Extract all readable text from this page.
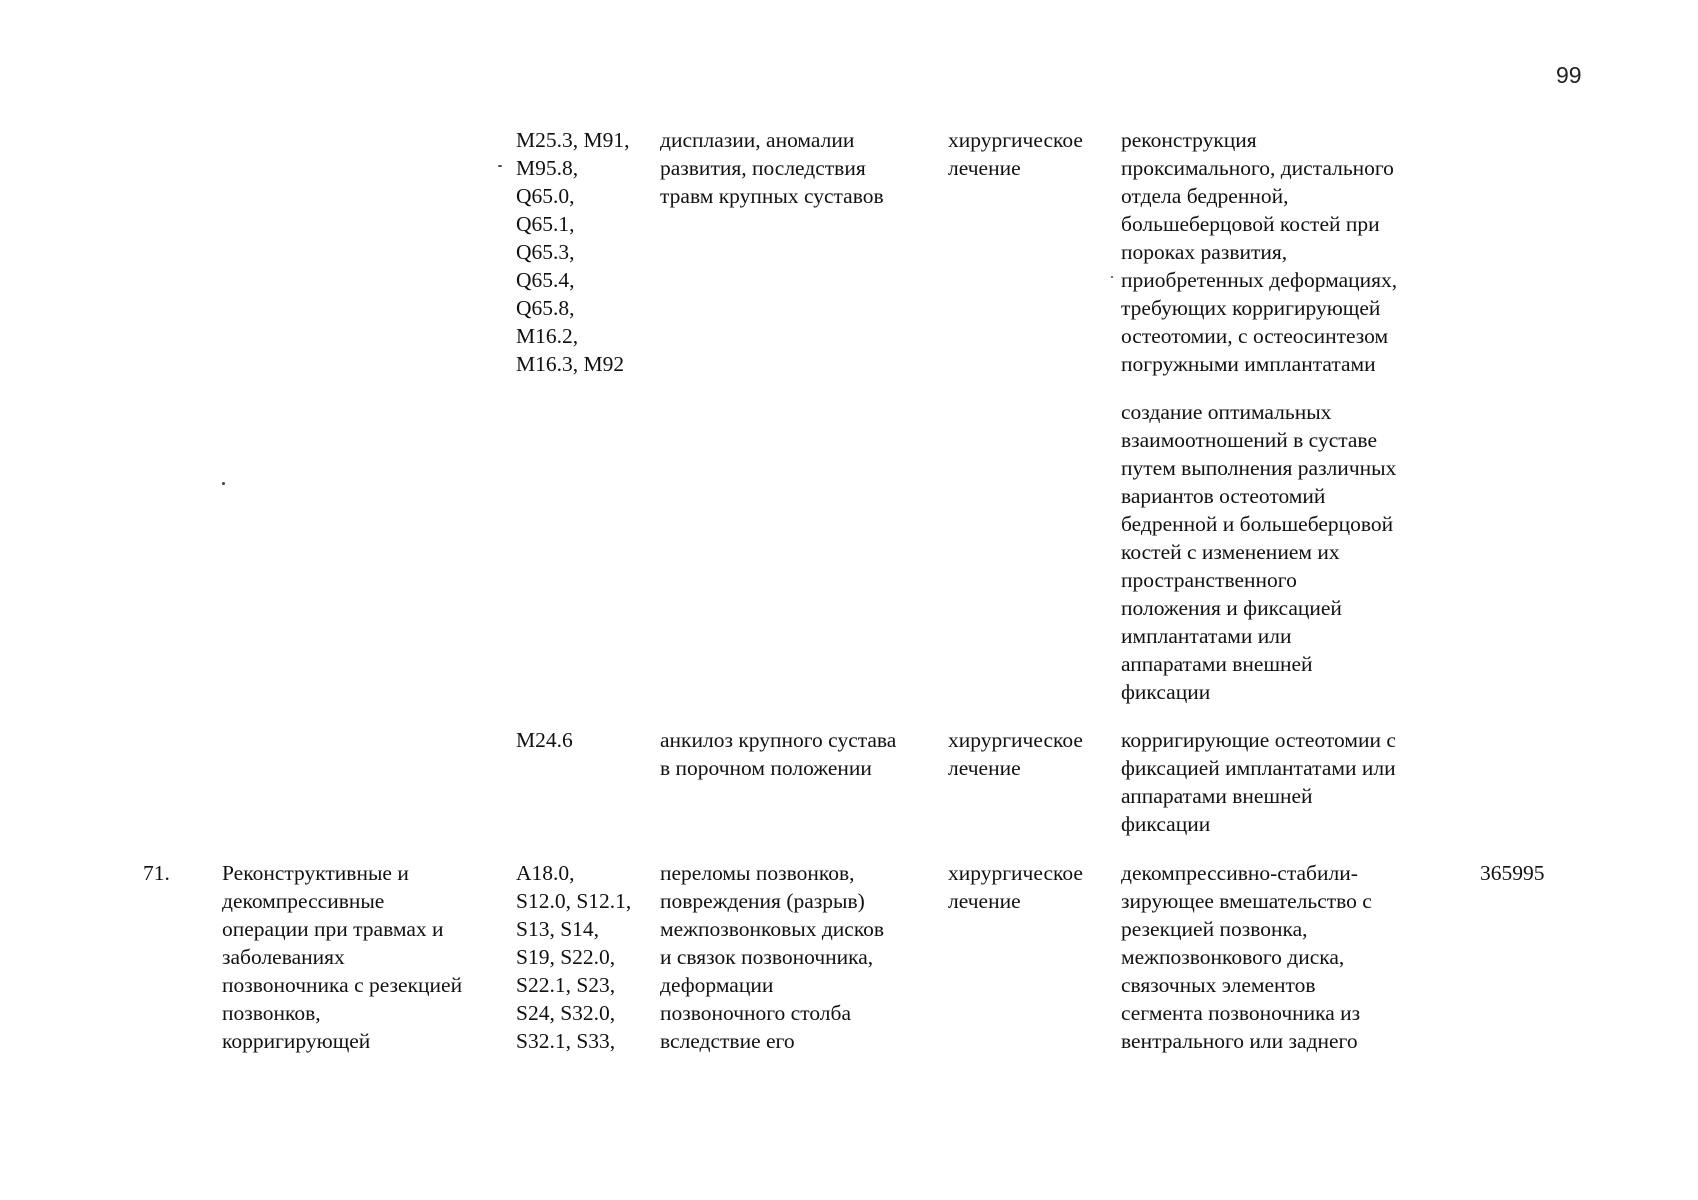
99
M25.3, M91,
M95.8,
Q65.0,
Q65.1,
Q65.3,
Q65.4,
Q65.8,
M16.2,
M16.3, M92
дисплазии, аномалии
развития, последствия
травм крупных суставов
хирургическое
лечение
реконструкция
проксимального, дистального
отдела бедренной,
большеберцовой костей при
пороках развития,
приобретенных деформациях,
требующих корригирующей
остеотомии, с остеосинтезом
погружными имплантатами
создание оптимальных
взаимоотношений в суставе
путем выполнения различных
вариантов остеотомий
бедренной и большеберцовой
костей с изменением их
пространственного
положения и фиксацией
имплантатами или
аппаратами внешней
фиксации
M24.6	анкилоз крупного сустава
в порочном положении
хирургическое
лечение
корригирующие остеотомии с
фиксацией имплантатами или
аппаратами внешней
фиксации
71. Реконструктивные и
декомпрессивные
операции при травмах и
заболеваниях
позвоночника с резекцией
позвонков,
корригирующей
A18.0,
S12.0, S12.1,
S13, S14,
S19, S22.0,
S22.1, S23,
S24, S32.0,
S32.1, S33,
переломы позвонков,
повреждения (разрыв)
межпозвонковых дисков
и связок позвоночника,
деформации
позвоночного столба
вследствие его
хирургическое
лечение
декомпрессивно-стабили-
зирующее вмешательство с
резекцией позвонка,
межпозвонкового диска,
связочных элементов
сегмента позвоночника из
вентрального или заднего
365995
